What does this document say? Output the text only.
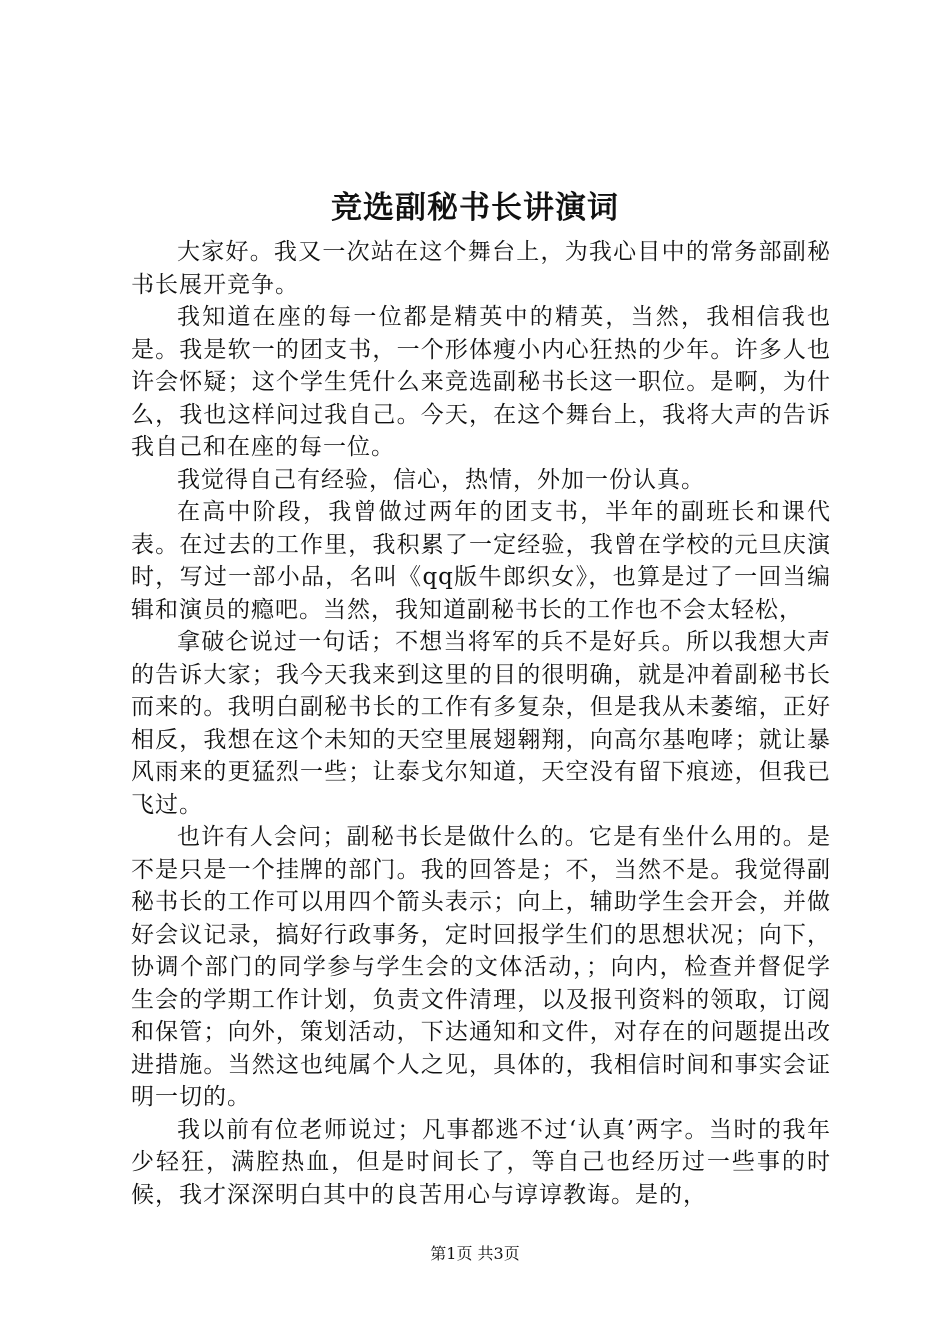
竞选副秘书长讲演词

大家好。我又一次站在这个舞台上，为我心目中的常务部副秘书长展开竞争。

我知道在座的每一位都是精英中的精英，当然，我相信我也是。我是软一的团支书，一个形体瘦小内心狂热的少年。许多人也许会怀疑；这个学生凭什么来竞选副秘书长这一职位。是啊，为什么，我也这样问过我自己。今天，在这个舞台上，我将大声的告诉我自己和在座的每一位。

我觉得自己有经验，信心，热情，外加一份认真。

在高中阶段，我曾做过两年的团支书，半年的副班长和课代表。在过去的工作里，我积累了一定经验，我曾在学校的元旦庆演时，写过一部小品，名叫《qq版牛郎织女》，也算是过了一回当编辑和演员的瘾吧。当然，我知道副秘书长的工作也不会太轻松，

拿破仑说过一句话；不想当将军的兵不是好兵。所以我想大声的告诉大家；我今天我来到这里的目的很明确，就是冲着副秘书长而来的。我明白副秘书长的工作有多复杂，但是我从未萎缩，正好相反，我想在这个未知的天空里展翅翱翔，向高尔基咆哮；就让暴风雨来的更猛烈一些；让泰戈尔知道，天空没有留下痕迹，但我已飞过。

也许有人会问；副秘书长是做什么的。它是有坐什么用的。是不是只是一个挂牌的部门。我的回答是；不，当然不是。我觉得副秘书长的工作可以用四个箭头表示；向上，辅助学生会开会，并做好会议记录，搞好行政事务，定时回报学生们的思想状况；向下，协调个部门的同学参与学生会的文体活动，；向内，检查并督促学生会的学期工作计划，负责文件清理，以及报刊资料的领取，订阅和保管；向外，策划活动，下达通知和文件，对存在的问题提出改进措施。当然这也纯属个人之见，具体的，我相信时间和事实会证明一切的。

我以前有位老师说过；凡事都逃不过‘认真’两字。当时的我年少轻狂，满腔热血，但是时间长了，等自己也经历过一些事的时候，我才深深明白其中的良苦用心与谆谆教诲。是的，

第1页 共3页
